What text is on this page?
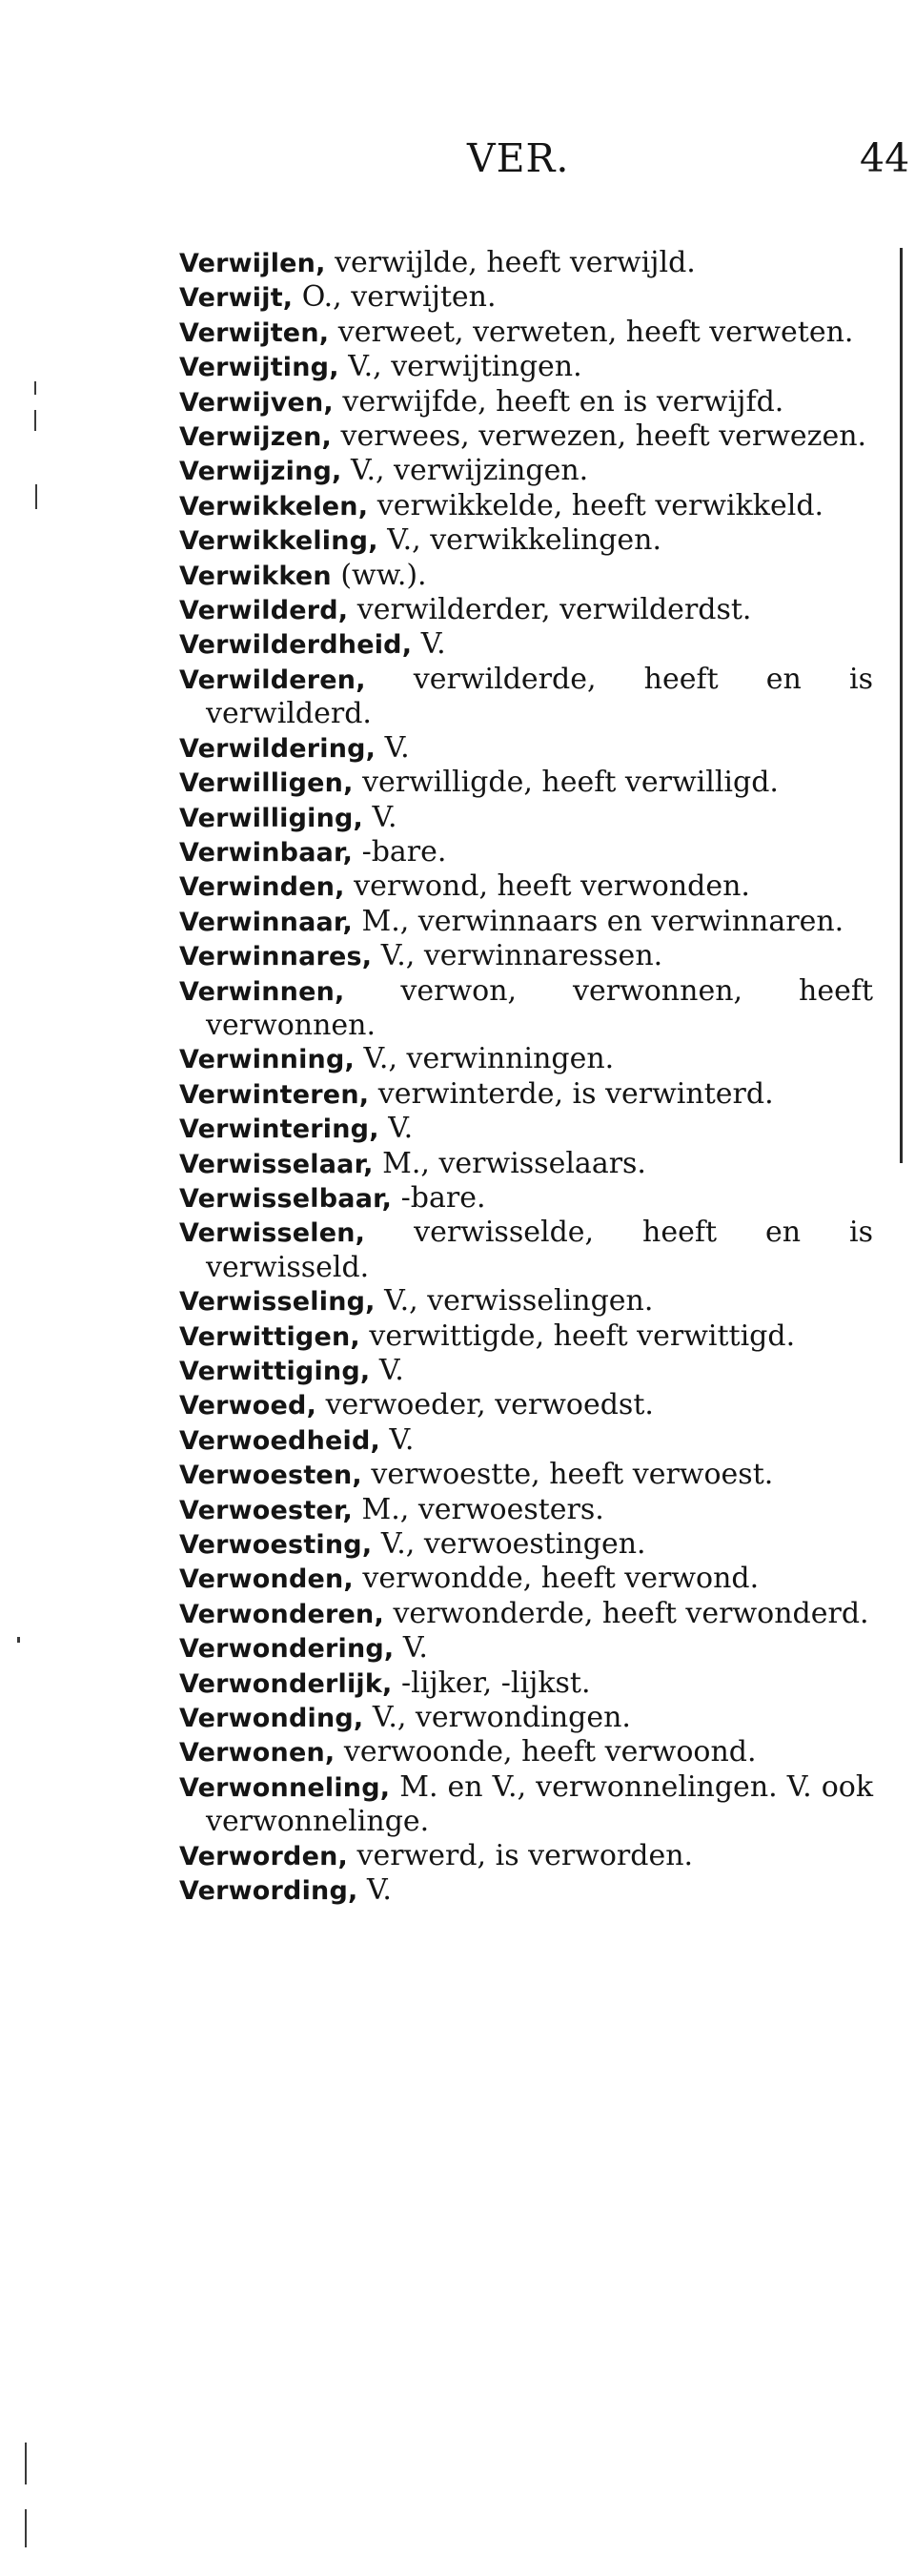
VER.	44
Verwijlen, verwijlde, heeft verwijld.
Verwijt, O., verwijten.
Verwijten, verweet, verweten, heeft verweten.
Verwijting, V., verwijtingen.
Verwijven, verwijfde, heeft en is verwijfd.
Verwijzen, verwees, verwezen, heeft verwezen.
Verwijzing, V., verwijzingen.
Verwikkelen, verwikkelde, heeft verwikkeld.
Verwikkeling, V., verwikkelingen.
Verwikken (ww.).
Verwilderd, verwilderder, verwilderdst.
Verwilderdheid, V.
Verwilderen, verwilderde, heeft en is verwilderd.
Verwildering, V.
Verwilligen, verwilligde, heeft verwilligd.
Verwilliging, V.
Verwinbaar, -bare.
Verwinden, verwond, heeft verwonden.
Verwinnaar, M., verwinnaars en verwinnaren.
Verwinnares, V., verwinnaressen.
Verwinnen, verwon, verwonnen, heeft verwonnen.
Verwinning, V., verwinningen.
Verwinteren, verwinterde, is verwinterd.
Verwintering, V.
Verwisselaar, M., verwisselaars.
Verwisselbaar, -bare.
Verwisselen, verwisselde, heeft en is verwisseld.
Verwisseling, V., verwisselingen.
Verwittigen, verwittigde, heeft verwittigd.
Verwittiging, V.
Verwoed, verwoeder, verwoedst.
Verwoedheid, V.
Verwoesten, verwoestte, heeft verwoest.
Verwoester, M., verwoesters.
Verwoesting, V., verwoestingen.
Verwonden, verwondde, heeft verwond.
Verwonderen, verwonderde, heeft verwonderd.
Verwondering, V.
Verwonderlijk, -lijker, -lijkst.
Verwonding, V., verwondingen.
Verwonen, verwoonde, heeft verwoond.
Verwonneling, M. en V., verwonnelingen. V. ook verwonnelinge.
Verworden, verwerd, is verworden.
Verwording, V.
